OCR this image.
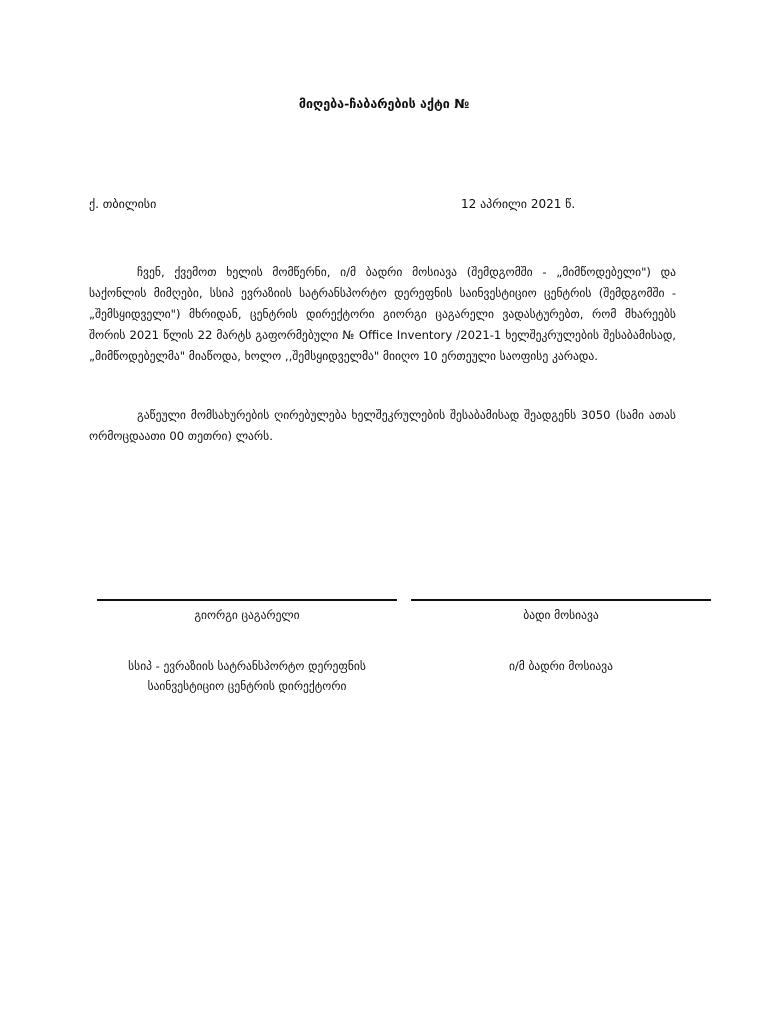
მიღება-ჩაბარების აქტი №
ქ. თბილისი	12 აპრილი 2021 წ.
ჩვენ, ქვემოთ ხელის მომწერნი, ი/მ ბადრი მოსიავა (შემდგომში - „მიმწოდებელი") და საქონლის მიმღები, სსიპ ევრაზიის სატრანსპორტო დერეფნის საინვესტიციო ცენტრის (შემდგომში - „შემსყიდველი") მხრიდან, ცენტრის დირექტორი გიორგი ცაგარელი ვადასტურებთ, რომ მხარეებს შორის 2021 წლის 22 მარტს გაფორმებული № Office Inventory /2021-1 ხელშეკრულების შესაბამისად, „მიმწოდებელმა" მიაწოდა, ხოლო ,,შემსყიდველმა" მიიღო 10 ერთეული საოფისე კარადა.
გაწეული მომსახურების ღირებულება ხელშეკრულების შესაბამისად შეადგენს 3050 (სამი ათას ორმოცდაათი 00 თეთრი) ლარს.
გიორგი ცაგარელი	ბადი მოსიავა
სსიპ - ევრაზიის სატრანსპორტო დერეფნის
საინვესტიციო ცენტრის დირექტორი
ი/მ ბადრი მოსიავა
